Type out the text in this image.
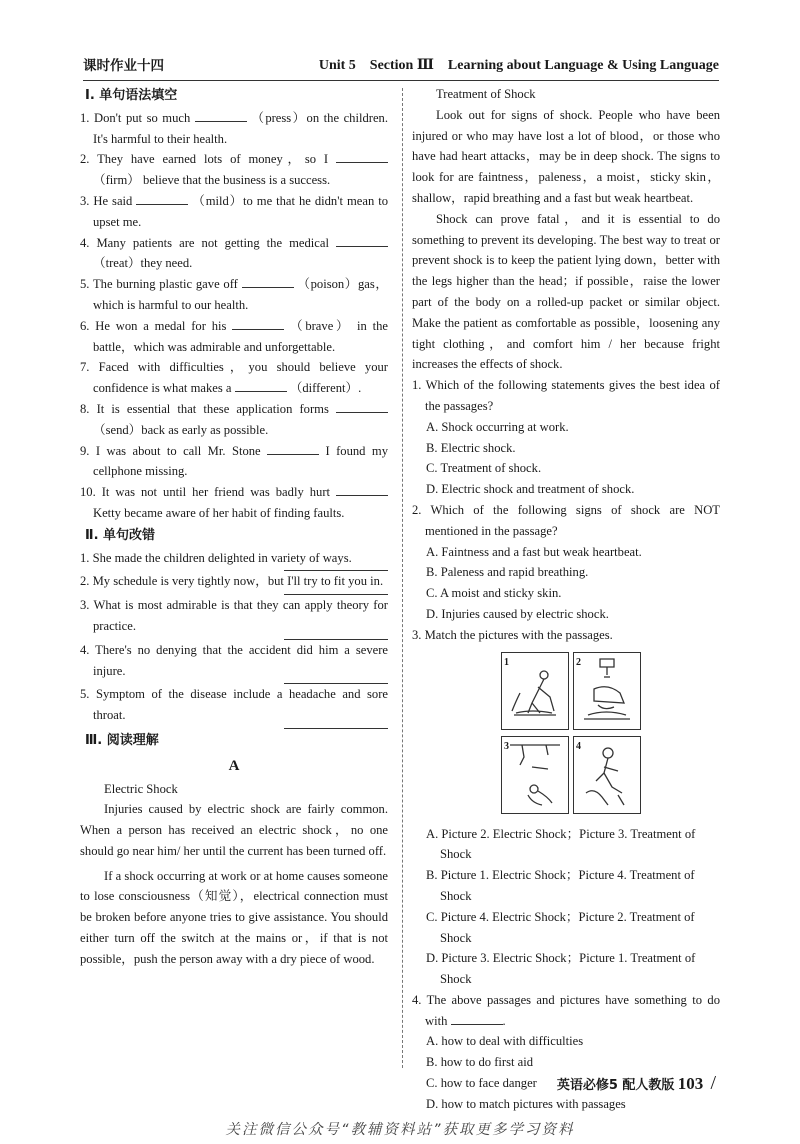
课时作业十四	Unit 5　Section Ⅲ　Learning about Language & Using Language
Ⅰ. 单句语法填空
1. Don't put so much	（press）on the children. It's harmful to their health.
2. They have earned lots of money，so I  （firm） believe that the business is a success.
3. He said	（mild）to me that he didn't mean to upset me.
4. Many patients are not getting the medical  （treat）they need.
5. The burning plastic gave off	（poison）gas， which is harmful to our health.
6. He won a medal for his	（brave） in the battle，which was admirable and unforgettable.
7. Faced with difficulties，you should believe your confidence is what makes a	（different）.
8. It is essential that these application forms  （send）back as early as possible.
9. I was about to call Mr. Stone	I found my cellphone missing.
10. It was not until her friend was badly hurt  Ketty became aware of her habit of finding faults.
Ⅱ. 单句改错
1. She made the children delighted in variety of ways.
2. My schedule is very tightly now，but I'll try to fit you in.
3. What is most admirable is that they can apply theory for practice.
4. There's no denying that the accident did him a severe injure.
5. Symptom of the disease include a headache and sore throat.
Ⅲ. 阅读理解
A
Electric Shock
Injuries caused by electric shock are fairly common. When a person has received an electric shock，no one should go near him/ her until the current has been turned off.
If a shock occurring at work or at home causes someone to lose consciousness（知觉），electrical connection must be broken before anyone tries to give assistance. You should either turn off the switch at the mains or，if that is not possible，push the person away with a dry piece of wood.
Treatment of Shock
Look out for signs of shock. People who have been injured or who may have lost a lot of blood，or those who have had heart attacks，may be in deep shock. The signs to look for are faintness，paleness，a moist，sticky skin，shallow，rapid breathing and a fast but weak heartbeat.
Shock can prove fatal，and it is essential to do something to prevent its developing. The best way to treat or prevent shock is to keep the patient lying down，better with the legs higher than the head；if possible，raise the lower part of the body on a rolled-up packet or similar object. Make the patient as comfortable as possible，loosening any tight clothing，and comfort him / her because fright increases the effects of shock.
1. Which of the following statements gives the best idea of the passages?
A. Shock occurring at work.
B. Electric shock.
C. Treatment of shock.
D. Electric shock and treatment of shock.
2. Which of the following signs of shock are NOT mentioned in the passage?
A. Faintness and a fast but weak heartbeat.
B. Paleness and rapid breathing.
C. A moist and sticky skin.
D. Injuries caused by electric shock.
3. Match the pictures with the passages.
1	2
3	4
A. Picture 2. Electric Shock；Picture 3. Treatment of Shock
B. Picture 1. Electric Shock；Picture 4. Treatment of Shock
C. Picture 4. Electric Shock；Picture 2. Treatment of Shock
D. Picture 3. Electric Shock；Picture 1. Treatment of Shock
4. The above passages and pictures have something to do with	.
A. how to deal with difficulties
B. how to do first aid
C. how to face danger
D. how to match pictures with passages
英语必修5 配人教版 103 /
关注微信公众号“教辅资料站”获取更多学习资料
